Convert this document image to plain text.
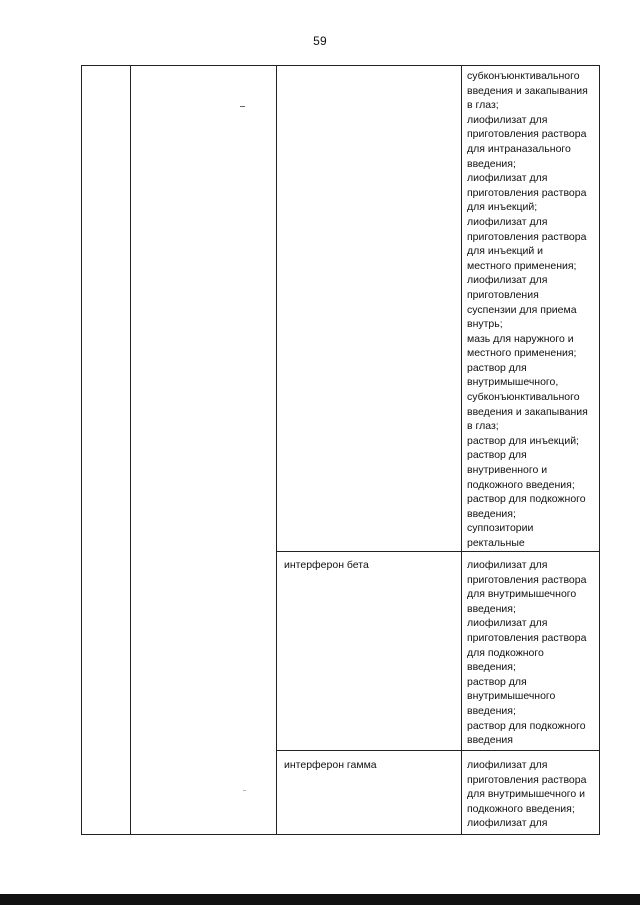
59
субконъюнктивального
введения и закапывания
в глаз;
лиофилизат для
приготовления раствора
для интраназального
введения;
лиофилизат для
приготовления раствора
для инъекций;
лиофилизат для
приготовления раствора
для инъекций и
местного применения;
лиофилизат для
приготовления
суспензии для приема
внутрь;
мазь для наружного и
местного применения;
раствор для
внутримышечного,
субконъюнктивального
введения и закапывания
в глаз;
раствор для инъекций;
раствор для
внутривенного и
подкожного введения;
раствор для подкожного
введения;
суппозитории
ректальные
интерферон бета	лиофилизат для
приготовления раствора
для внутримышечного
введения;
лиофилизат для
приготовления раствора
для подкожного
введения;
раствор для
внутримышечного
введения;
раствор для подкожного
введения
интерферон гамма	лиофилизат для
приготовления раствора
для внутримышечного и
подкожного введения;
лиофилизат для
